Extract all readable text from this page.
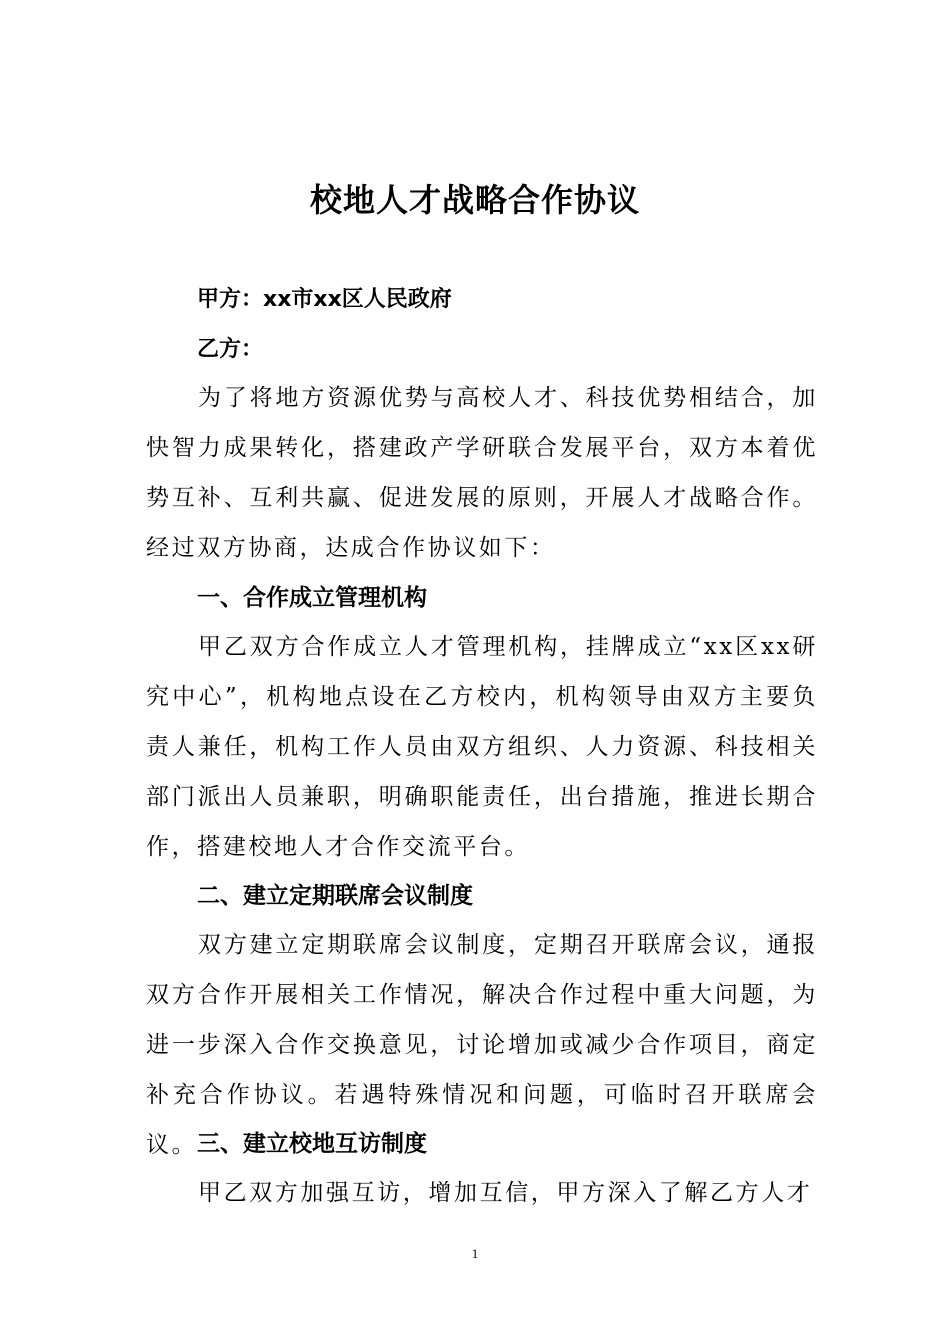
校地人才战略合作协议

甲方：xx市xx区人民政府

乙方：

为了将地方资源优势与高校人才、科技优势相结合，加快智力成果转化，搭建政产学研联合发展平台，双方本着优势互补、互利共赢、促进发展的原则，开展人才战略合作。经过双方协商，达成合作协议如下：

一、合作成立管理机构

甲乙双方合作成立人才管理机构，挂牌成立“xx区xx研究中心”，机构地点设在乙方校内，机构领导由双方主要负责人兼任，机构工作人员由双方组织、人力资源、科技相关部门派出人员兼职，明确职能责任，出台措施，推进长期合作，搭建校地人才合作交流平台。

二、建立定期联席会议制度

双方建立定期联席会议制度，定期召开联席会议，通报双方合作开展相关工作情况，解决合作过程中重大问题，为进一步深入合作交换意见，讨论增加或减少合作项目，商定补充合作协议。若遇特殊情况和问题，可临时召开联席会议。 三、建立校地互访制度

甲乙双方加强互访，增加互信，甲方深入了解乙方人才

1
